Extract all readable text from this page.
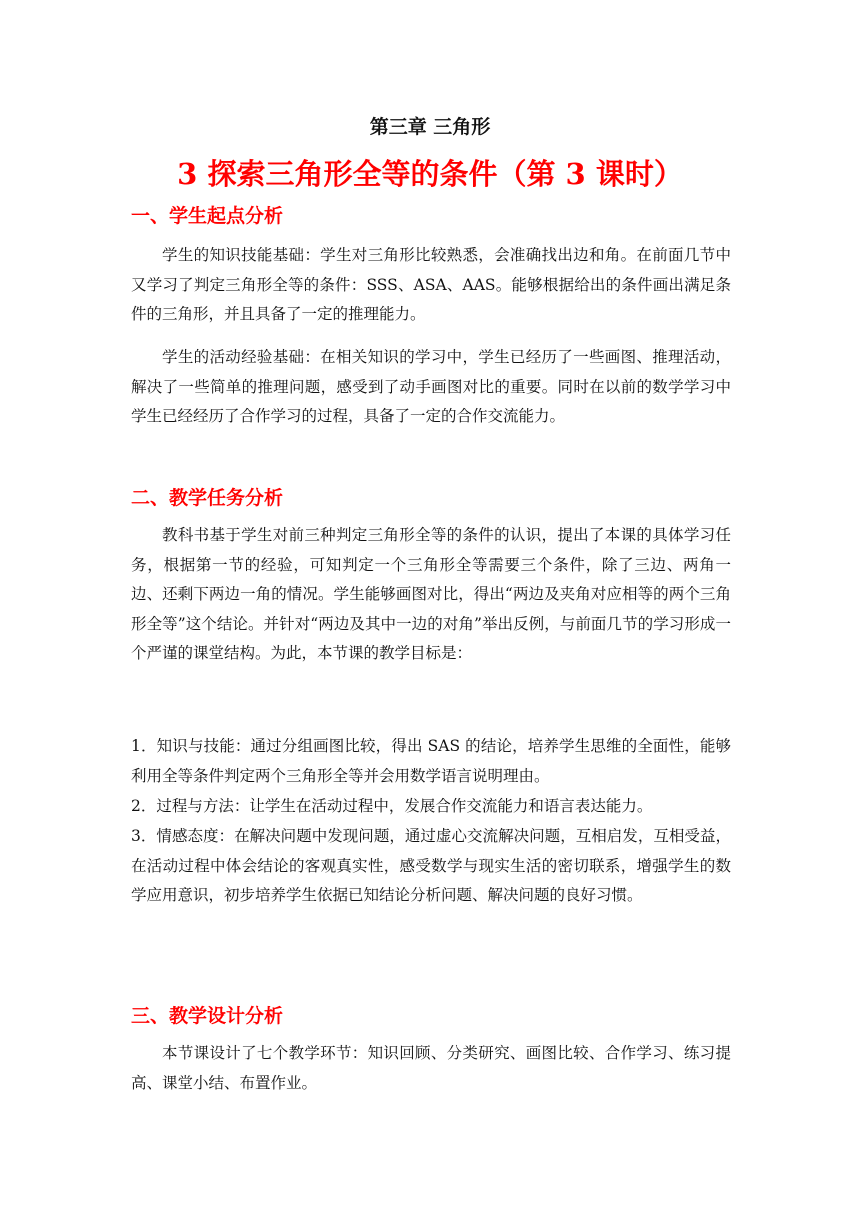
第三章 三角形
3 探索三角形全等的条件（第 3 课时）
一、学生起点分析

学生的知识技能基础：学生对三角形比较熟悉，会准确找出边和角。在前面几节中又学习了判定三角形全等的条件：SSS、ASA、AAS。能够根据给出的条件画出满足条件的三角形，并且具备了一定的推理能力。

学生的活动经验基础：在相关知识的学习中，学生已经历了一些画图、推理活动，解决了一些简单的推理问题，感受到了动手画图对比的重要。同时在以前的数学学习中学生已经经历了合作学习的过程，具备了一定的合作交流能力。

二、教学任务分析

教科书基于学生对前三种判定三角形全等的条件的认识，提出了本课的具体学习任务，根据第一节的经验，可知判定一个三角形全等需要三个条件，除了三边、两角一边、还剩下两边一角的情况。学生能够画图对比，得出“两边及夹角对应相等的两个三角形全等”这个结论。并针对“两边及其中一边的对角”举出反例，与前面几节的学习形成一个严谨的课堂结构。为此，本节课的教学目标是：

1．知识与技能：通过分组画图比较，得出 SAS 的结论，培养学生思维的全面性，能够利用全等条件判定两个三角形全等并会用数学语言说明理由。

2．过程与方法：让学生在活动过程中，发展合作交流能力和语言表达能力。

3．情感态度：在解决问题中发现问题，通过虚心交流解决问题，互相启发，互相受益，在活动过程中体会结论的客观真实性，感受数学与现实生活的密切联系，增强学生的数学应用意识，初步培养学生依据已知结论分析问题、解决问题的良好习惯。

三、教学设计分析

本节课设计了七个教学环节：知识回顾、分类研究、画图比较、合作学习、练习提高、课堂小结、布置作业。
